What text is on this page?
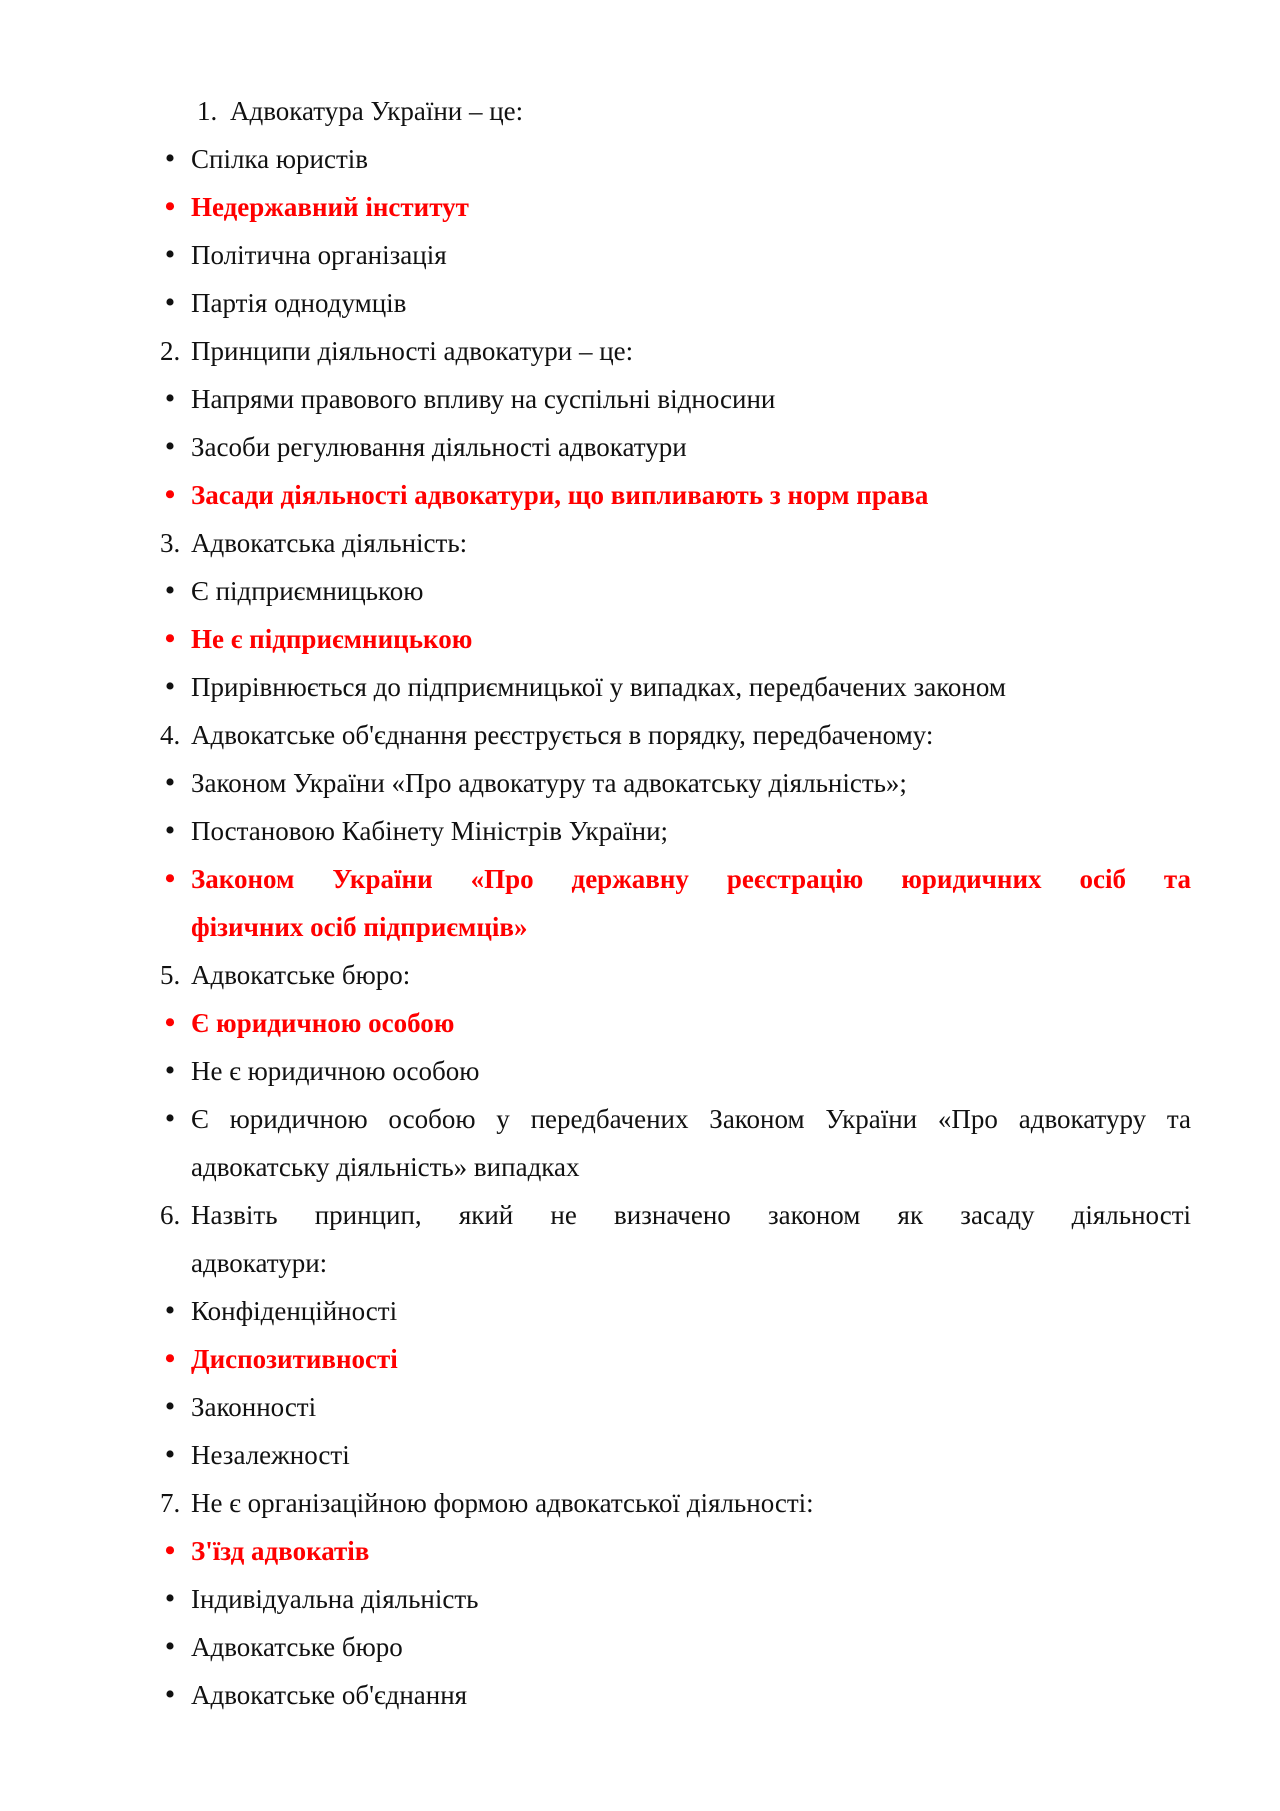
1. Адвокатура України – це:
• Спілка юристів
• Недержавний інститут
• Політична організація
• Партія однодумців
2. Принципи діяльності адвокатури – це:
• Напрями правового впливу на суспільні відносини
• Засоби регулювання діяльності адвокатури
• Засади діяльності адвокатури, що випливають з норм права
3. Адвокатська діяльність:
• Є підприємницькою
• Не є підприємницькою
• Прирівнюється до підприємницької у випадках, передбачених законом
4. Адвокатське об'єднання реєструється в порядку, передбаченому:
• Законом України «Про адвокатуру та адвокатську діяльність»;
• Постановою Кабінету Міністрів України;
• Законом України «Про державну реєстрацію юридичних осіб та
фізичних осіб підприємців»
5. Адвокатське бюро:
• Є юридичною особою
• Не є юридичною особою
• Є юридичною особою у передбачених Законом України «Про адвокатуру та
адвокатську діяльність» випадках
6. Назвіть принцип, який не визначено законом як засаду діяльності
адвокатури:
• Конфіденційності
• Диспозитивності
• Законності
• Незалежності
7. Не є організаційною формою адвокатської діяльності:
• З'їзд адвокатів
• Індивідуальна діяльність
• Адвокатське бюро
• Адвокатське об'єднання
